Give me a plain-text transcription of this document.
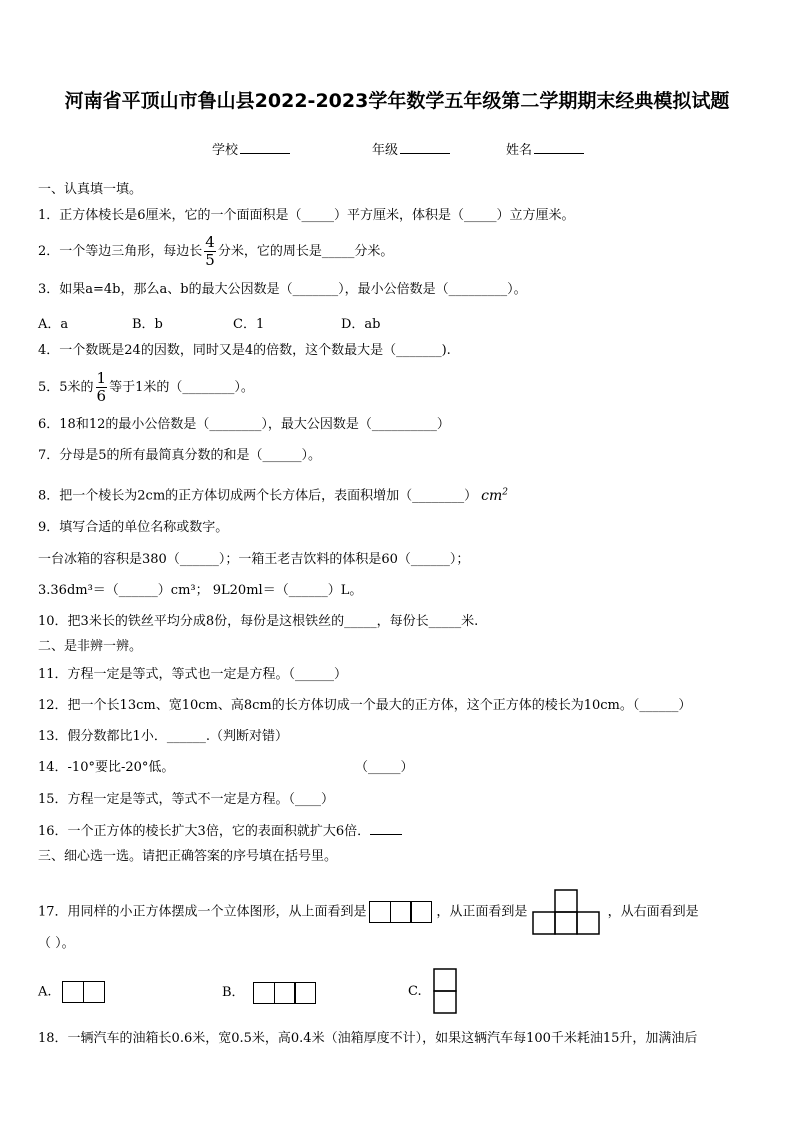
河南省平顶山市鲁山县2022-2023学年数学五年级第二学期期末经典模拟试题
学校	年级	姓名
一、认真填一填。
1．正方体棱长是6厘米，它的一个面面积是（_____）平方厘米，体积是（_____）立方厘米。
2．一个等边三角形，每边长 $\frac{4}{5}$ 分米，它的周长是_____分米。
3．如果a=4b，那么a、b的最大公因数是（_______），最小公倍数是（_________）。
A．a	B．b	C．1	D．ab
4．一个数既是24的因数，同时又是4的倍数，这个数最大是（_______).
5．5米的 $\frac{1}{6}$ 等于1米的（________）。
6．18和12的最小公倍数是（________），最大公因数是（__________）
7．分母是5的所有最简真分数的和是（______）。
8．把一个棱长为2cm的正方体切成两个长方体后，表面积增加（________） $cm^2$
9．填写合适的单位名称或数字。
一台冰箱的容积是380（______）；一箱王老吉饮料的体积是60（______）；
3.36dm³＝（______）cm³； 9L20ml＝（______）L。
10．把3米长的铁丝平均分成8份，每份是这根铁丝的_____，每份长_____米.
二、是非辨一辨。
11．方程一定是等式，等式也一定是方程。（______）
12．把一个长13cm、宽10cm、高8cm的长方体切成一个最大的正方体，这个正方体的棱长为10cm。（______）
13．假分数都比1小．______.（判断对错）
14．-10°要比-20°低。	（_____）
15．方程一定是等式，等式不一定是方程。（____）
16．一个正方体的棱长扩大3倍，它的表面积就扩大6倍．
三、细心选一选。请把正确答案的序号填在括号里。
17．用同样的小正方体摆成一个立体图形，从上面看到是	，从正面看到是	，从右面看到是
（ ）。
A.	B．	C.
18．一辆汽车的油箱长0.6米，宽0.5米，高0.4米（油箱厚度不计），如果这辆汽车每100千米耗油15升，加满油后
